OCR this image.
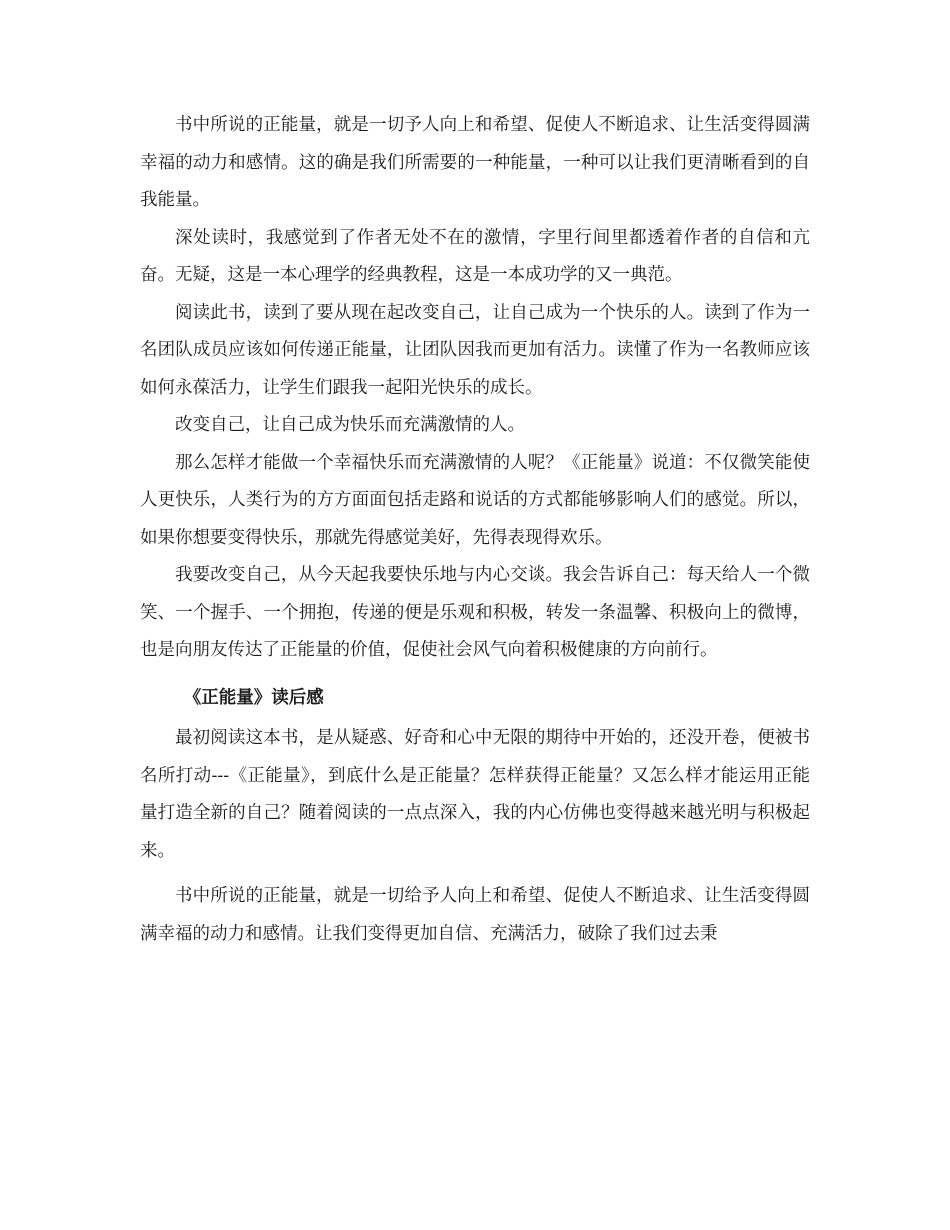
书中所说的正能量，就是一切予人向上和希望、促使人不断追求、让生活变得圆满幸福的动力和感情。这的确是我们所需要的一种能量，一种可以让我们更清晰看到的自我能量。

深处读时，我感觉到了作者无处不在的激情，字里行间里都透着作者的自信和亢奋。无疑，这是一本心理学的经典教程，这是一本成功学的又一典范。

阅读此书，读到了要从现在起改变自己，让自己成为一个快乐的人。读到了作为一名团队成员应该如何传递正能量，让团队因我而更加有活力。读懂了作为一名教师应该如何永葆活力，让学生们跟我一起阳光快乐的成长。

改变自己，让自己成为快乐而充满激情的人。

那么怎样才能做一个幸福快乐而充满激情的人呢？《正能量》说道：不仅微笑能使人更快乐，人类行为的方方面面包括走路和说话的方式都能够影响人们的感觉。所以，如果你想要变得快乐，那就先得感觉美好，先得表现得欢乐。

我要改变自己，从今天起我要快乐地与内心交谈。我会告诉自己：每天给人一个微笑、一个握手、一个拥抱，传递的便是乐观和积极，转发一条温馨、积极向上的微博，也是向朋友传达了正能量的价值，促使社会风气向着积极健康的方向前行。

《正能量》读后感

最初阅读这本书，是从疑惑、好奇和心中无限的期待中开始的，还没开卷，便被书名所打动---《正能量》，到底什么是正能量？怎样获得正能量？又怎么样才能运用正能量打造全新的自己？随着阅读的一点点深入，我的内心仿佛也变得越来越光明与积极起来。

书中所说的正能量，就是一切给予人向上和希望、促使人不断追求、让生活变得圆满幸福的动力和感情。让我们变得更加自信、充满活力，破除了我们过去秉
